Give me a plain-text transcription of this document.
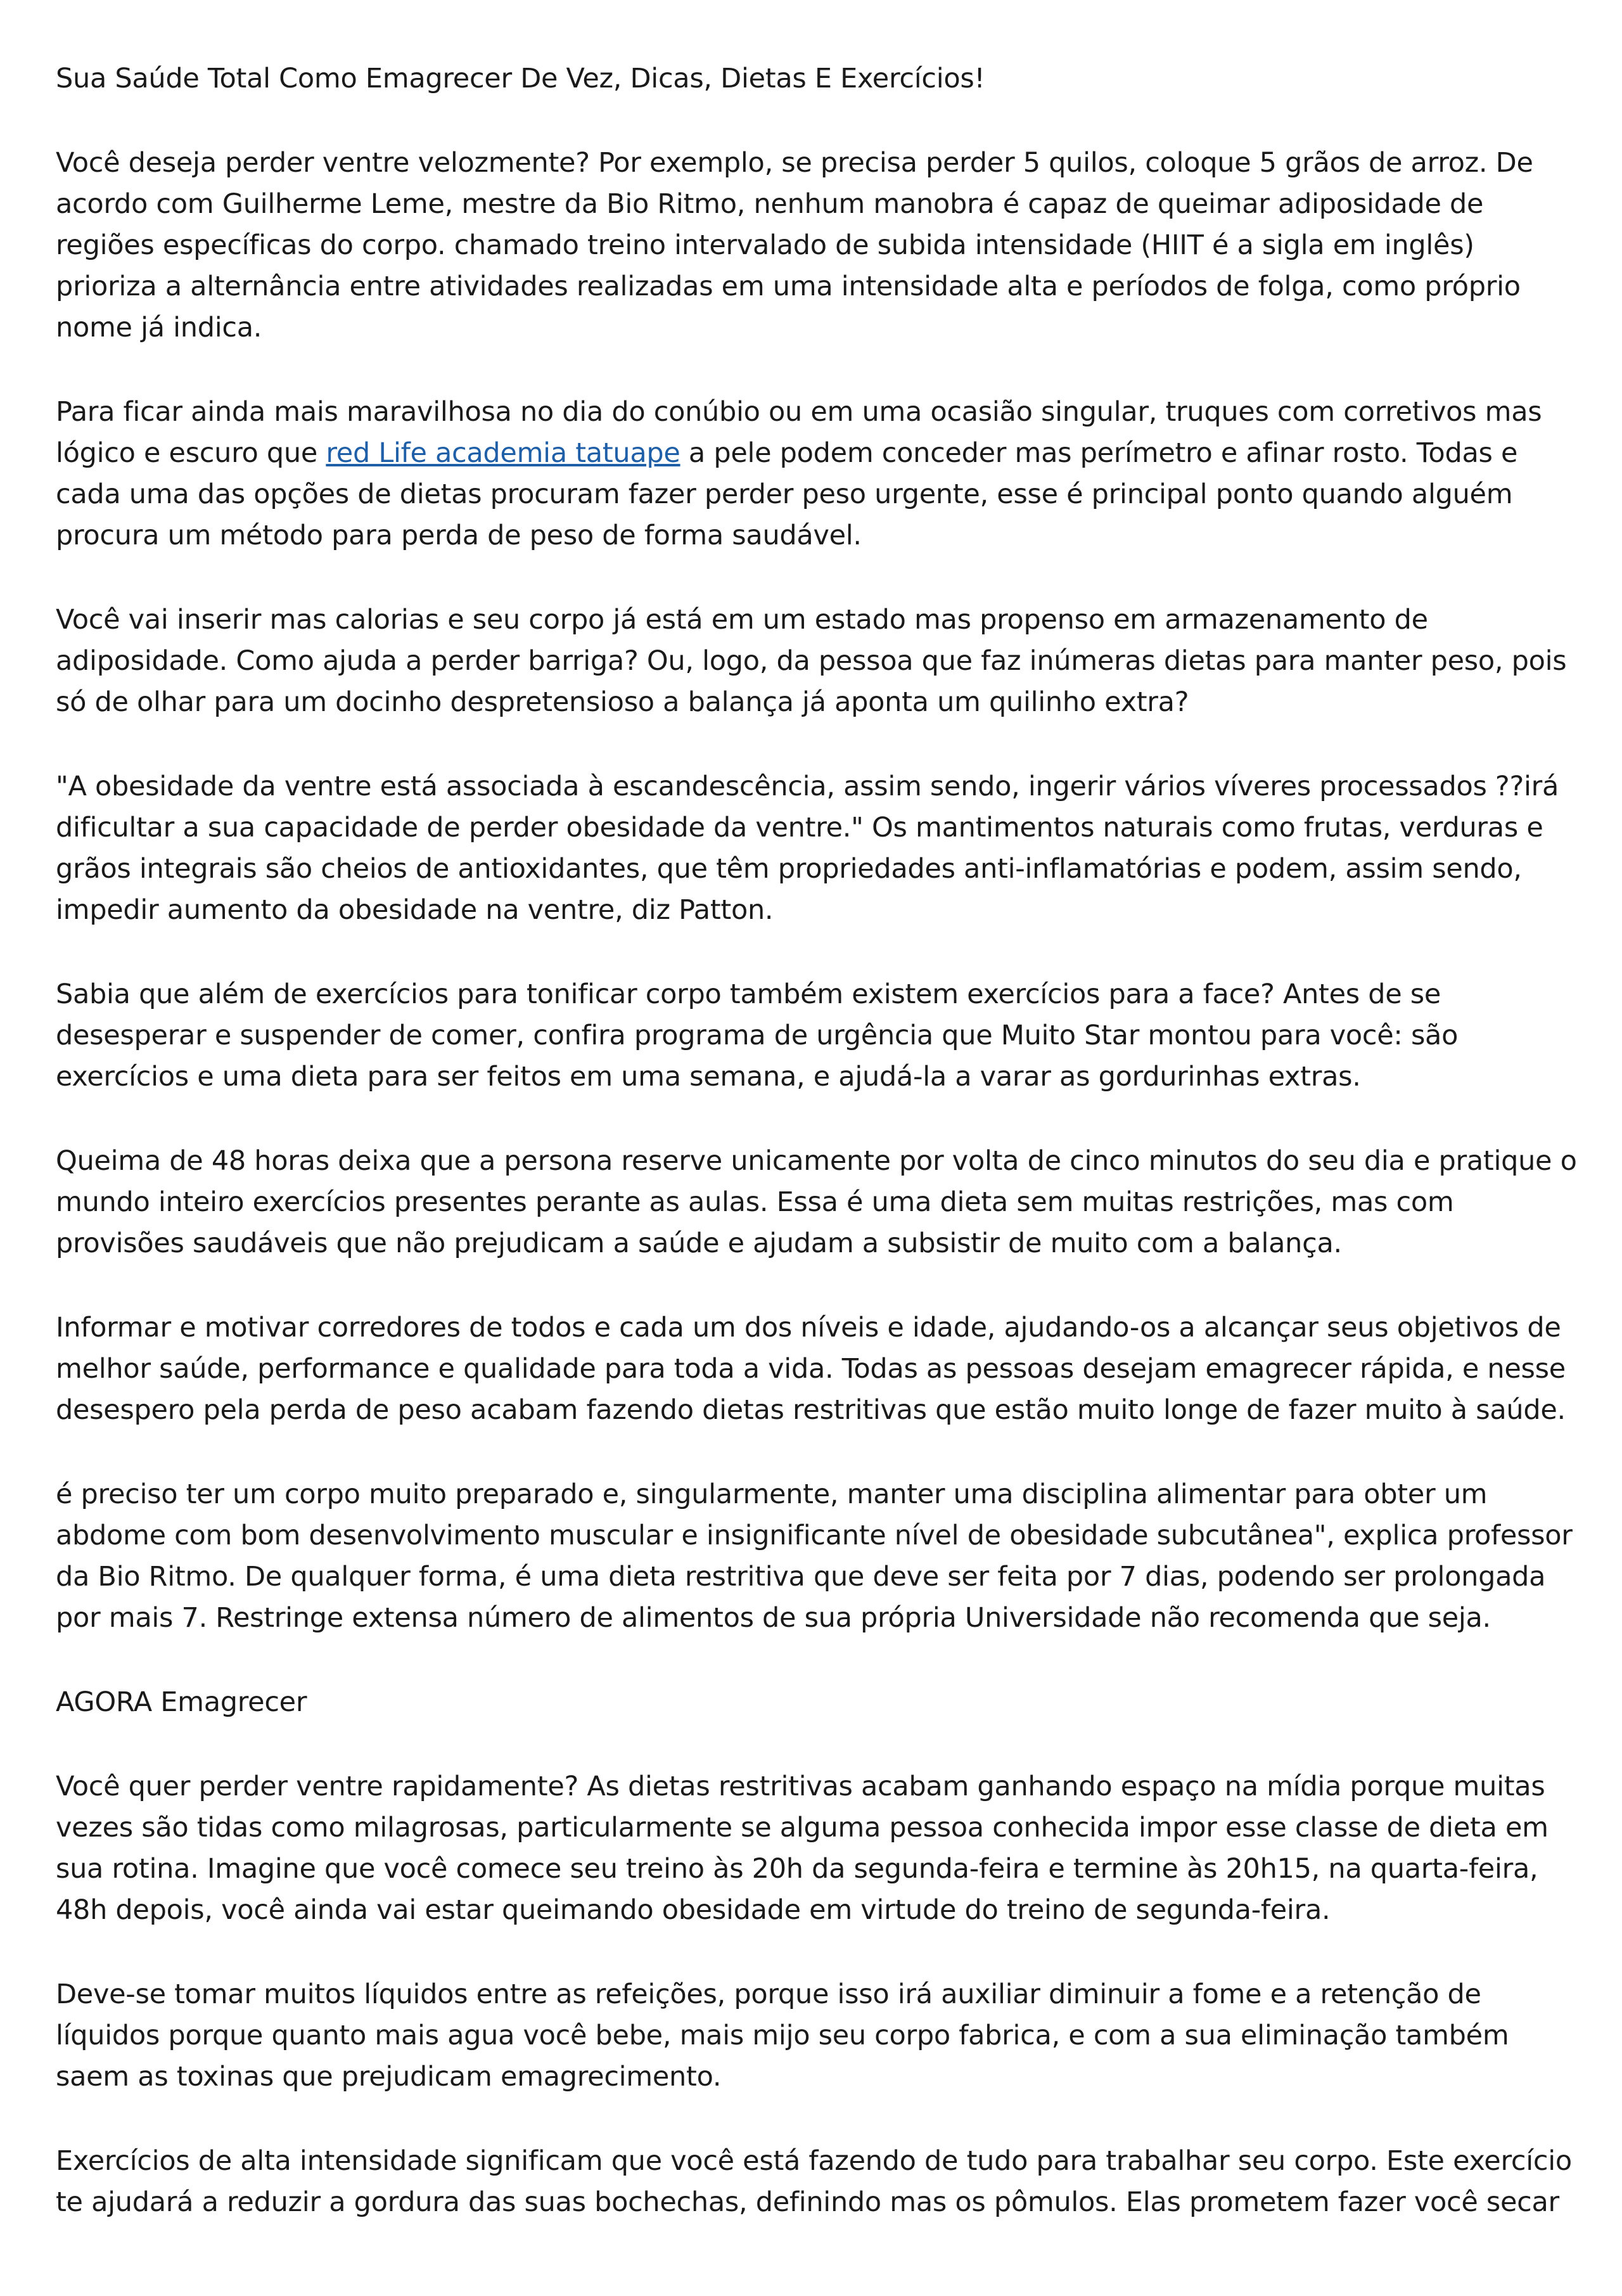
Sua Saúde Total Como Emagrecer De Vez, Dicas, Dietas E Exercícios!

Você deseja perder ventre velozmente? Por exemplo, se precisa perder 5 quilos, coloque 5 grãos de arroz. De acordo com Guilherme Leme, mestre da Bio Ritmo, nenhum manobra é capaz de queimar adiposidade de regiões específicas do corpo. chamado treino intervalado de subida intensidade (HIIT é a sigla em inglês) prioriza a alternância entre atividades realizadas em uma intensidade alta e períodos de folga, como próprio nome já indica.

Para ficar ainda mais maravilhosa no dia do conúbio ou em uma ocasião singular, truques com corretivos mas lógico e escuro que red Life academia tatuape a pele podem conceder mas perímetro e afinar rosto. Todas e cada uma das opções de dietas procuram fazer perder peso urgente, esse é principal ponto quando alguém procura um método para perda de peso de forma saudável.

Você vai inserir mas calorias e seu corpo já está em um estado mas propenso em armazenamento de adiposidade. Como ajuda a perder barriga? Ou, logo, da pessoa que faz inúmeras dietas para manter peso, pois só de olhar para um docinho despretensioso a balança já aponta um quilinho extra?

"A obesidade da ventre está associada à escandescência, assim sendo, ingerir vários víveres processados ??irá dificultar a sua capacidade de perder obesidade da ventre." Os mantimentos naturais como frutas, verduras e grãos integrais são cheios de antioxidantes, que têm propriedades anti-inflamatórias e podem, assim sendo, impedir aumento da obesidade na ventre, diz Patton.

Sabia que além de exercícios para tonificar corpo também existem exercícios para a face? Antes de se desesperar e suspender de comer, confira programa de urgência que Muito Star montou para você: são exercícios e uma dieta para ser feitos em uma semana, e ajudá-la a varar as gordurinhas extras.

Queima de 48 horas deixa que a persona reserve unicamente por volta de cinco minutos do seu dia e pratique o mundo inteiro exercícios presentes perante as aulas. Essa é uma dieta sem muitas restrições, mas com provisões saudáveis que não prejudicam a saúde e ajudam a subsistir de muito com a balança.

Informar e motivar corredores de todos e cada um dos níveis e idade, ajudando-os a alcançar seus objetivos de melhor saúde, performance e qualidade para toda a vida. Todas as pessoas desejam emagrecer rápida, e nesse desespero pela perda de peso acabam fazendo dietas restritivas que estão muito longe de fazer muito à saúde.

é preciso ter um corpo muito preparado e, singularmente, manter uma disciplina alimentar para obter um abdome com bom desenvolvimento muscular e insignificante nível de obesidade subcutânea", explica professor da Bio Ritmo. De qualquer forma, é uma dieta restritiva que deve ser feita por 7 dias, podendo ser prolongada por mais 7. Restringe extensa número de alimentos de sua própria Universidade não recomenda que seja.

AGORA Emagrecer

Você quer perder ventre rapidamente? As dietas restritivas acabam ganhando espaço na mídia porque muitas vezes são tidas como milagrosas, particularmente se alguma pessoa conhecida impor esse classe de dieta em sua rotina. Imagine que você comece seu treino às 20h da segunda-feira e termine às 20h15, na quarta-feira, 48h depois, você ainda vai estar queimando obesidade em virtude do treino de segunda-feira.

Deve-se tomar muitos líquidos entre as refeições, porque isso irá auxiliar diminuir a fome e a retenção de líquidos porque quanto mais agua você bebe, mais mijo seu corpo fabrica, e com a sua eliminação também saem as toxinas que prejudicam emagrecimento.

Exercícios de alta intensidade significam que você está fazendo de tudo para trabalhar seu corpo. Este exercício te ajudará a reduzir a gordura das suas bochechas, definindo mas os pômulos. Elas prometem fazer você secar
